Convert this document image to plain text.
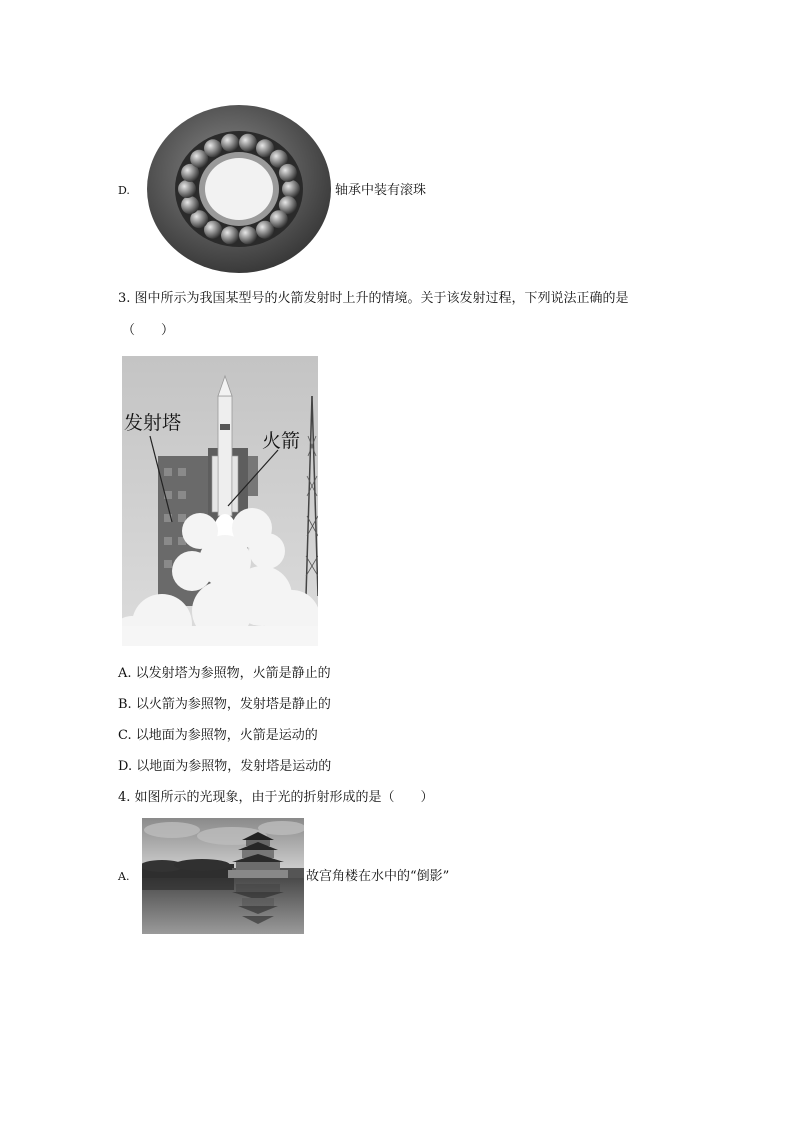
D.	轴承中装有滚珠
3. 图中所示为我国某型号的火箭发射时上升的情境。关于该发射过程，下列说法正确的是
（　　）
发射塔
火箭
A. 以发射塔为参照物，火箭是静止的
B. 以火箭为参照物，发射塔是静止的
C. 以地面为参照物，火箭是运动的
D. 以地面为参照物，发射塔是运动的
4. 如图所示的光现象，由于光的折射形成的是（　　）
A.	故宫角楼在水中的“倒影”
